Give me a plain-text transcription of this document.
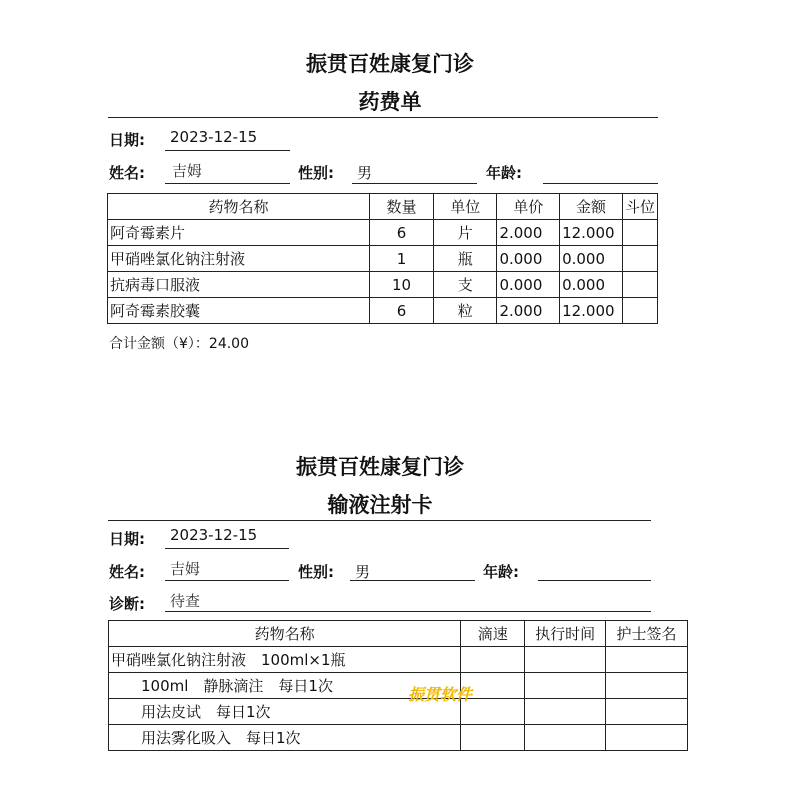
振贯百姓康复门诊
药费单
日期: 2023-12-15
姓名: 吉姆	性别: 男	年龄:
药物名称	数量	单位	单价	金额	斗位
阿奇霉素片	6	片	2.000	12.000	
甲硝唑氯化钠注射液	1	瓶	0.000	0.000	
抗病毒口服液	10	支	0.000	0.000	
阿奇霉素胶囊	6	粒	2.000	12.000	
合计金额（¥）：24.00
振贯百姓康复门诊
输液注射卡
日期: 2023-12-15
姓名: 吉姆	性别: 男	年龄:
诊断: 待查
药物名称	滴速	执行时间	护士签名
甲硝唑氯化钠注射液　100ml×1瓶			
　　100ml　静脉滴注　每日1次			
　　用法皮试　每日1次			
　　用法雾化吸入　每日1次			
振贯软件
